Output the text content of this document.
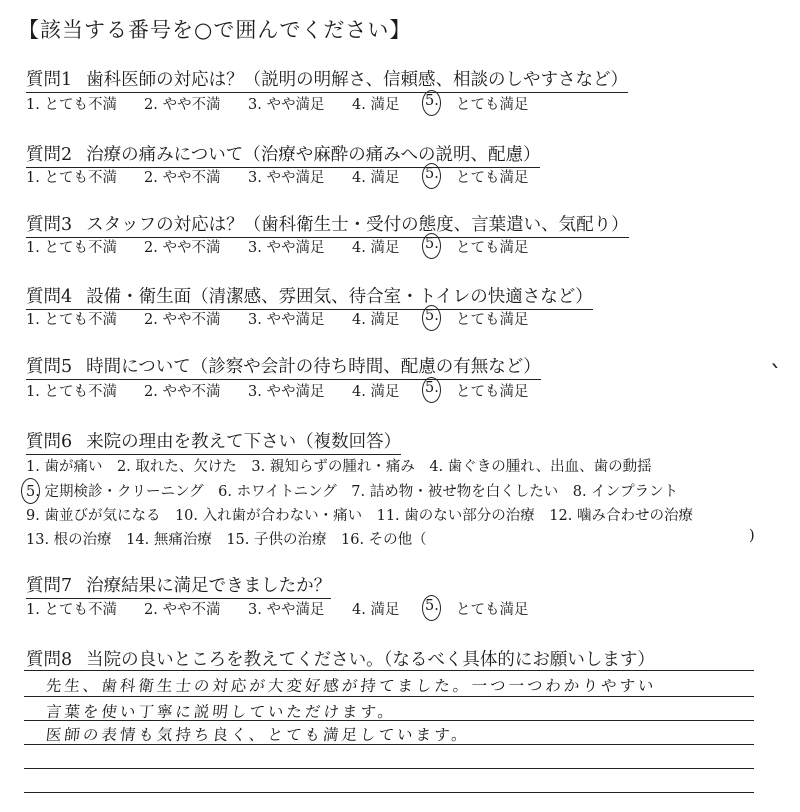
【該当する番号を○で囲んでください】
質問1 歯科医師の対応は？（説明の明解さ、信頼感、相談のしやすさなど）
1. とても不満 2. やや不満 3. やや満足 4. 満足 5. とても満足
質問2 治療の痛みについて（治療や麻酔の痛みへの説明、配慮）
1. とても不満 2. やや不満 3. やや満足 4. 満足 5. とても満足
質問3 スタッフの対応は？（歯科衛生士・受付の態度、言葉遣い、気配り）
1. とても不満 2. やや不満 3. やや満足 4. 満足 5. とても満足
質問4 設備・衛生面（清潔感、雰囲気、待合室・トイレの快適さなど）
1. とても不満 2. やや不満 3. やや満足 4. 満足 5. とても満足
質問5 時間について（診察や会計の待ち時間、配慮の有無など）
1. とても不満 2. やや不満 3. やや満足 4. 満足 5. とても満足
ˋ
質問6 来院の理由を教えて下さい（複数回答）
1. 歯が痛い　2. 取れた、欠けた　3. 親知らずの腫れ・痛み　4. 歯ぐきの腫れ、出血、歯の動揺
5. 定期検診・クリーニング　6. ホワイトニング　7. 詰め物・被せ物を白くしたい　8. インプラント
9. 歯並びが気になる　10. 入れ歯が合わない・痛い　11. 歯のない部分の治療　12. 噛み合わせの治療
13. 根の治療　14. 無痛治療　15. 子供の治療　16. その他（	)
質問7 治療結果に満足できましたか？
1. とても不満 2. やや不満 3. やや満足 4. 満足 5. とても満足
質問8 当院の良いところを教えてください。（なるべく具体的にお願いします）
先生、歯科衛生士の対応が大変好感が持てました。一つ一つわかりやすい
言葉を使い丁寧に説明していただけます。
医師の表情も気持ち良く、とても満足しています。
